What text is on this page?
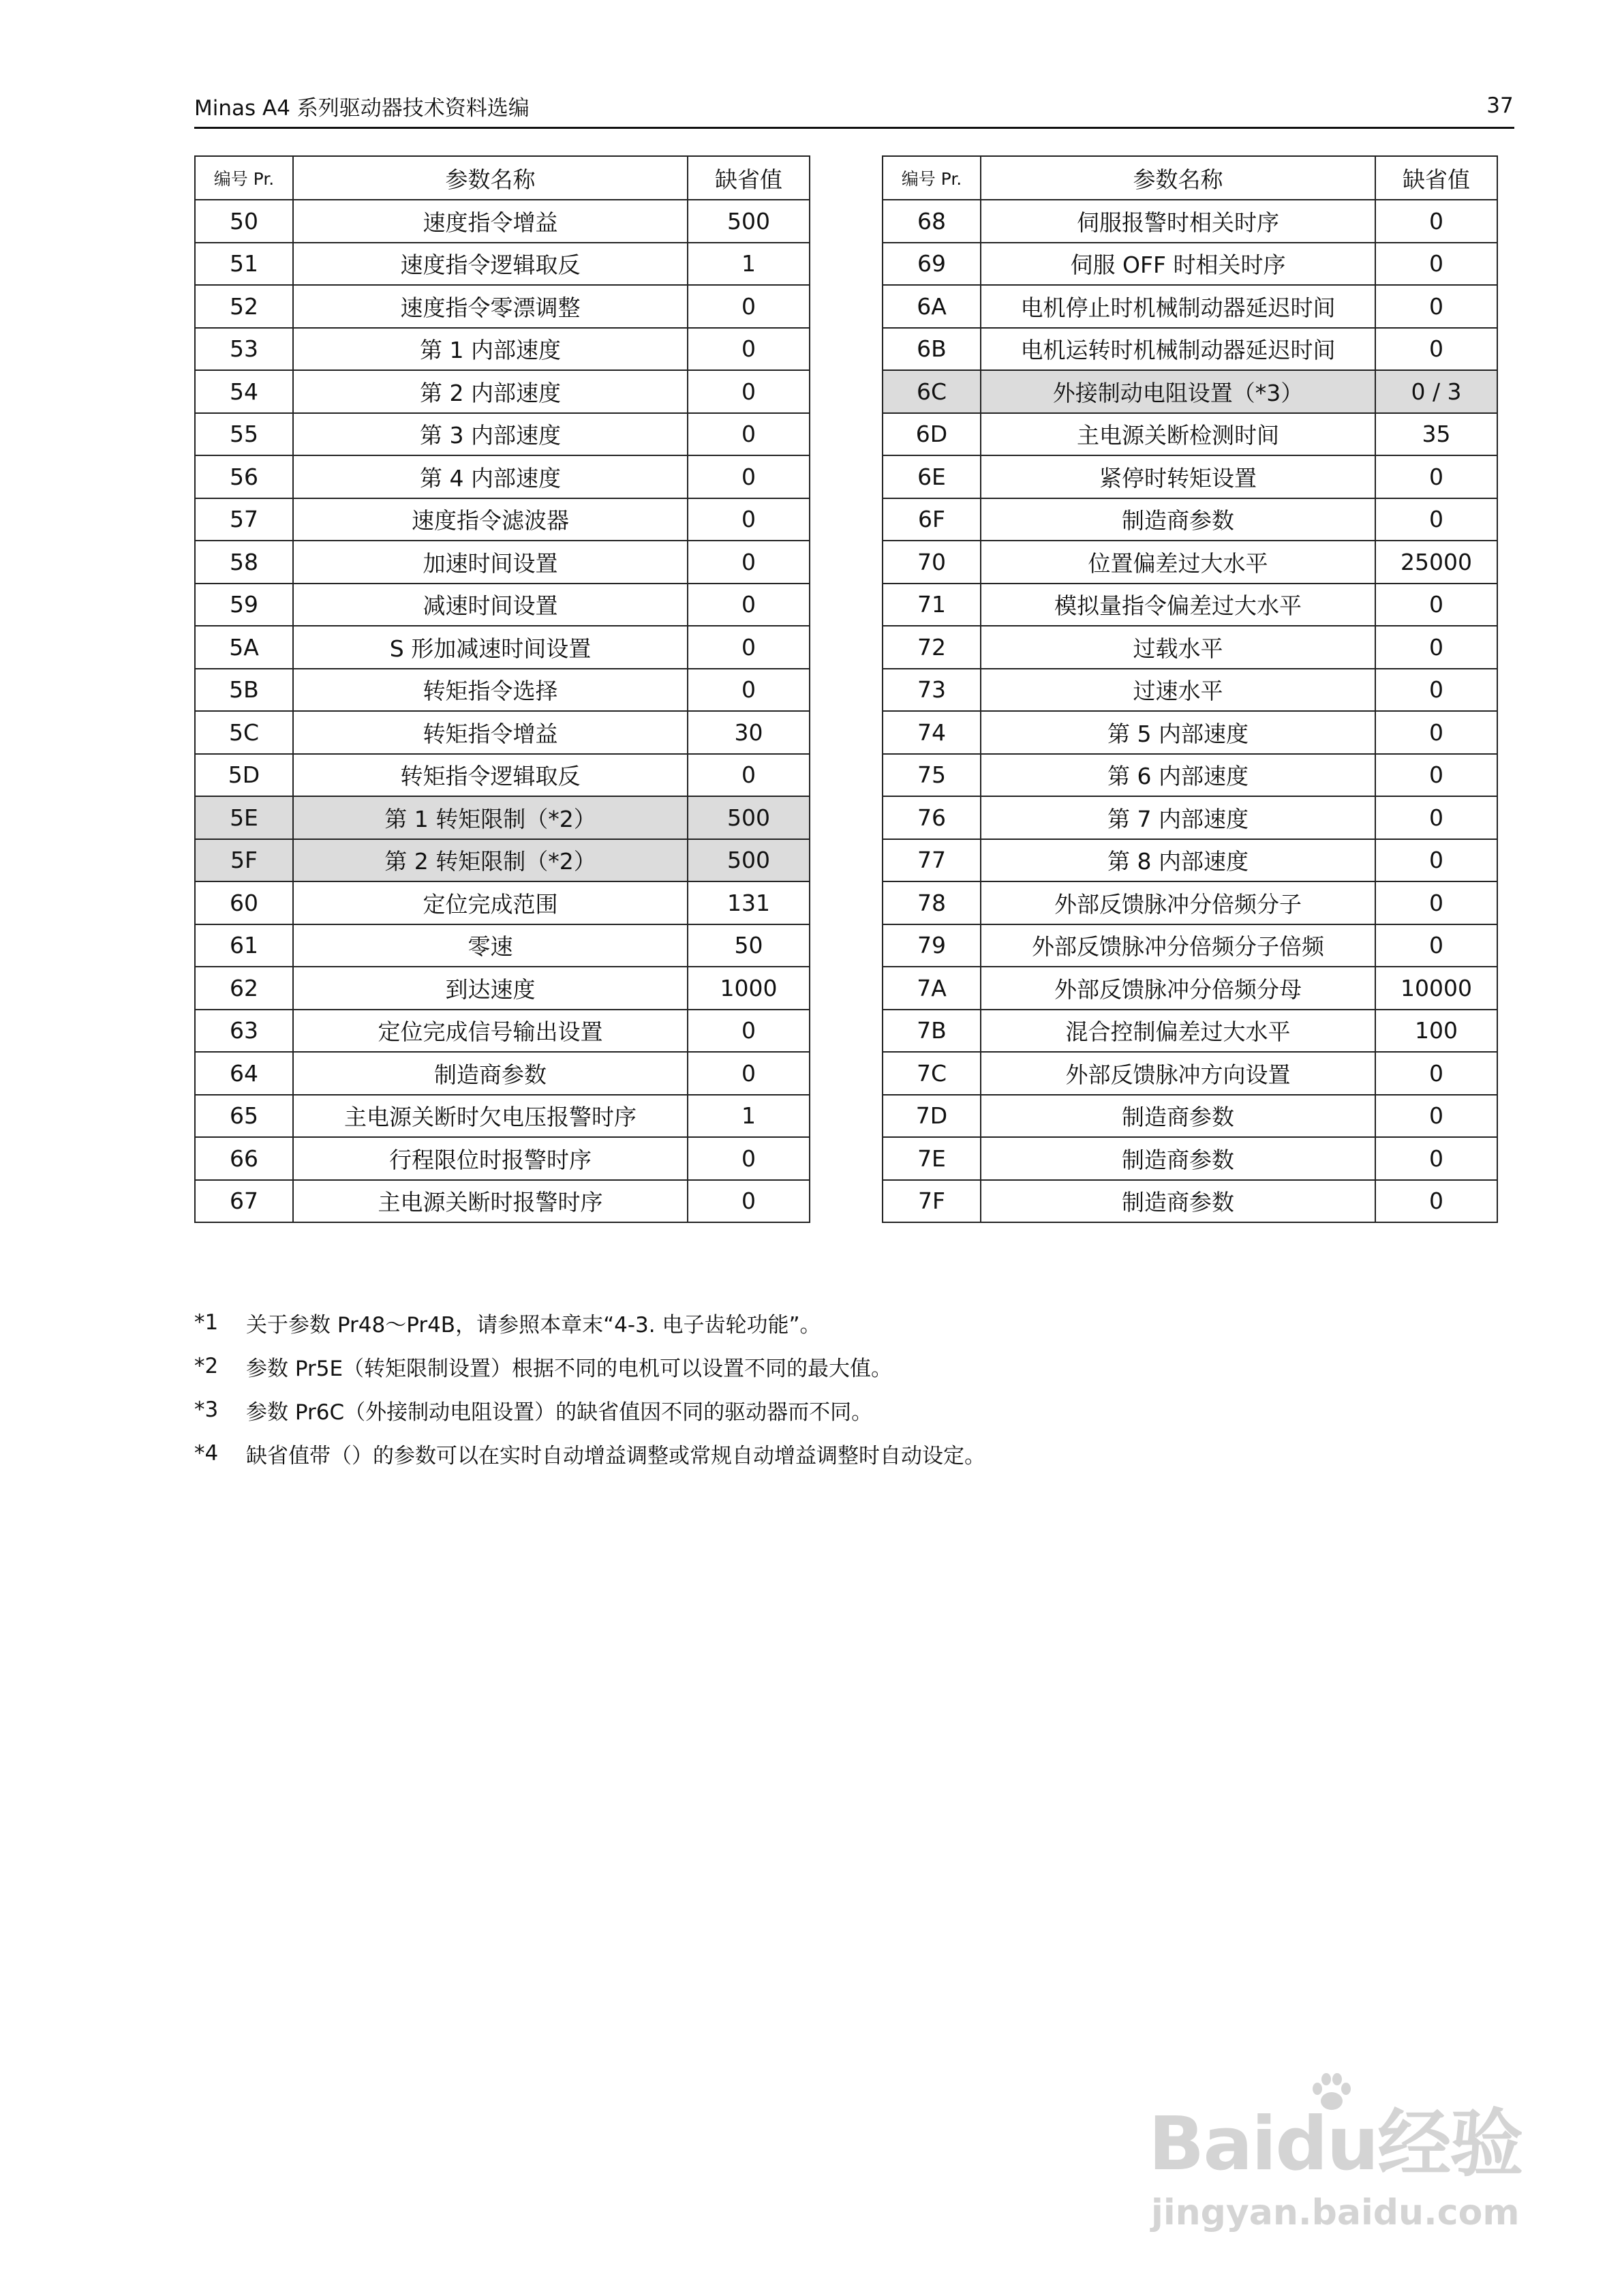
Minas A4 系列驱动器技术资料选编	37
编号 Pr.	参数名称	缺省值
50	速度指令增益	500
51	速度指令逻辑取反	1
52	速度指令零漂调整	0
53	第 1 内部速度	0
54	第 2 内部速度	0
55	第 3 内部速度	0
56	第 4 内部速度	0
57	速度指令滤波器	0
58	加速时间设置	0
59	减速时间设置	0
5A	S 形加减速时间设置	0
5B	转矩指令选择	0
5C	转矩指令增益	30
5D	转矩指令逻辑取反	0
5E	第 1 转矩限制（*2）	500
5F	第 2 转矩限制（*2）	500
60	定位完成范围	131
61	零速	50
62	到达速度	1000
63	定位完成信号输出设置	0
64	制造商参数	0
65	主电源关断时欠电压报警时序	1
66	行程限位时报警时序	0
67	主电源关断时报警时序	0
编号 Pr.	参数名称	缺省值
68	伺服报警时相关时序	0
69	伺服 OFF 时相关时序	0
6A	电机停止时机械制动器延迟时间	0
6B	电机运转时机械制动器延迟时间	0
6C	外接制动电阻设置（*3）	0 / 3
6D	主电源关断检测时间	35
6E	紧停时转矩设置	0
6F	制造商参数	0
70	位置偏差过大水平	25000
71	模拟量指令偏差过大水平	0
72	过载水平	0
73	过速水平	0
74	第 5 内部速度	0
75	第 6 内部速度	0
76	第 7 内部速度	0
77	第 8 内部速度	0
78	外部反馈脉冲分倍频分子	0
79	外部反馈脉冲分倍频分子倍频	0
7A	外部反馈脉冲分倍频分母	10000
7B	混合控制偏差过大水平	100
7C	外部反馈脉冲方向设置	0
7D	制造商参数	0
7E	制造商参数	0
7F	制造商参数	0
*1	关于参数 Pr48～Pr4B，请参照本章末“4-3. 电子齿轮功能”。
*2	参数 Pr5E（转矩限制设置）根据不同的电机可以设置不同的最大值。
*3	参数 Pr6C（外接制动电阻设置）的缺省值因不同的驱动器而不同。
*4	缺省值带（）的参数可以在实时自动增益调整或常规自动增益调整时自动设定。
Baidu经验
jingyan.baidu.com
